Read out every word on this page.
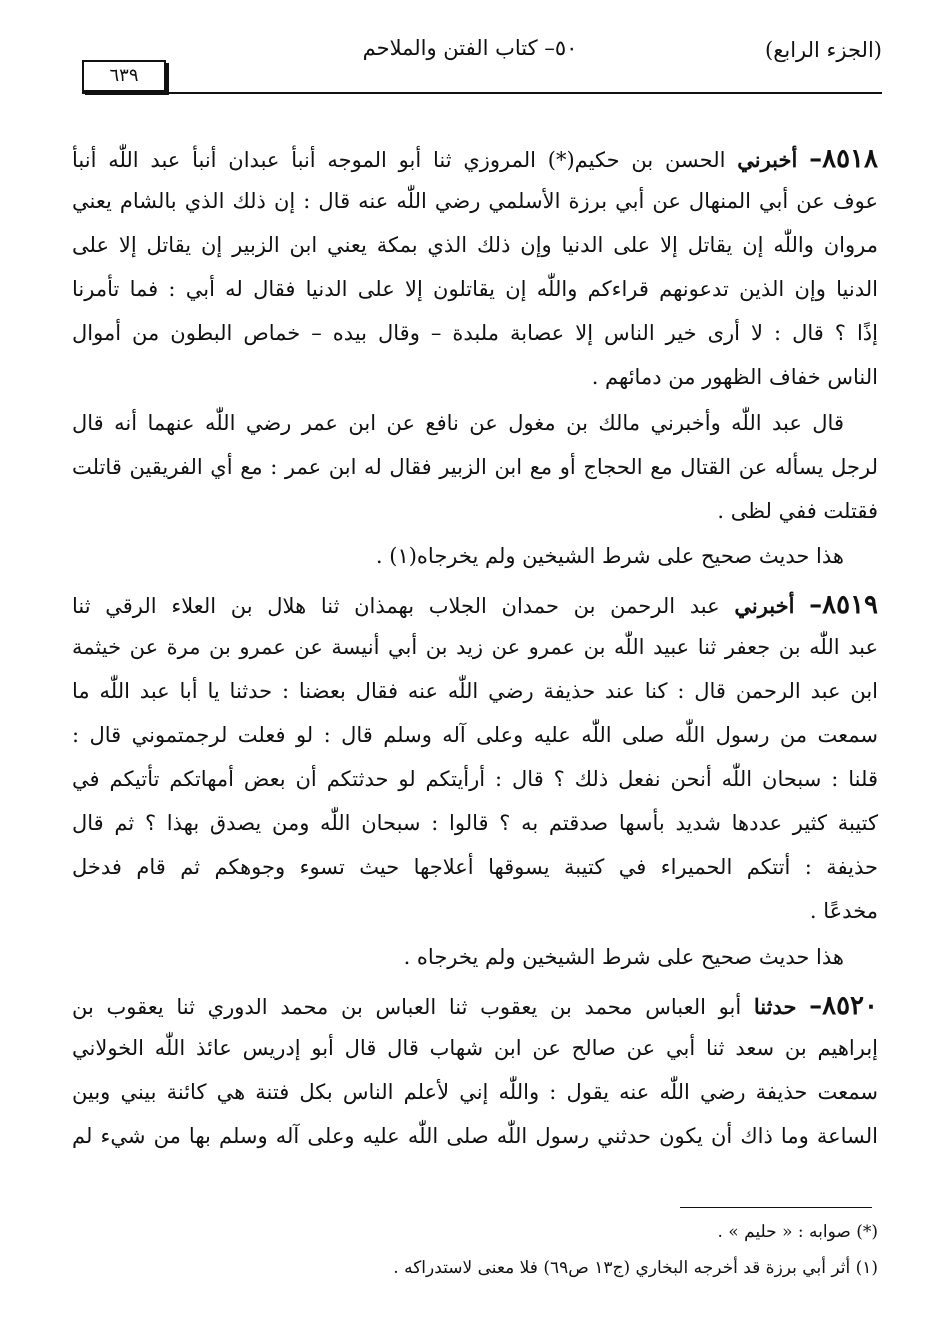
(الجزء الرابع)
٥٠– كتاب الفتن والملاحم
٦٣٩
٨٥١٨– أخبرني الحسن بن حكيم(*) المروزي ثنا أبو الموجه أنبأ عبدان أنبأ عبد اللّٰه أنبأ
عوف عن أبي المنهال عن أبي برزة الأسلمي رضي اللّٰه عنه قال : إن ذلك الذي بالشام يعني
مروان واللّٰه إن يقاتل إلا على الدنيا وإن ذلك الذي بمكة يعني ابن الزبير إن يقاتل إلا على
الدنيا وإن الذين تدعونهم قراءكم واللّٰه إن يقاتلون إلا على الدنيا فقال له أبي : فما تأمرنا
إذًا ؟ قال : لا أرى خير الناس إلا عصابة ملبدة – وقال بيده – خماص البطون من أموال
الناس خفاف الظهور من دمائهم .
قال عبد اللّٰه وأخبرني مالك بن مغول عن نافع عن ابن عمر رضي اللّٰه عنهما أنه قال
لرجل يسأله عن القتال مع الحجاج أو مع ابن الزبير فقال له ابن عمر : مع أي الفريقين قاتلت
فقتلت ففي لظى .
هذا حديث صحيح على شرط الشيخين ولم يخرجاه(١) .
٨٥١٩– أخبرني عبد الرحمن بن حمدان الجلاب بهمذان ثنا هلال بن العلاء الرقي ثنا
عبد اللّٰه بن جعفر ثنا عبيد اللّٰه بن عمرو عن زيد بن أبي أنيسة عن عمرو بن مرة عن خيثمة
ابن عبد الرحمن قال : كنا عند حذيفة رضي اللّٰه عنه فقال بعضنا : حدثنا يا أبا عبد اللّٰه ما
سمعت من رسول اللّٰه صلى اللّٰه عليه وعلى آله وسلم قال : لو فعلت لرجمتموني قال :
قلنا : سبحان اللّٰه أنحن نفعل ذلك ؟ قال : أرأيتكم لو حدثتكم أن بعض أمهاتكم تأتيكم في
كتيبة كثير عددها شديد بأسها صدقتم به ؟ قالوا : سبحان اللّٰه ومن يصدق بهذا ؟ ثم قال
حذيفة : أتتكم الحميراء في كتيبة يسوقها أعلاجها حيث تسوء وجوهكم ثم قام فدخل
مخدعًا .
هذا حديث صحيح على شرط الشيخين ولم يخرجاه .
٨٥٢٠– حدثنا أبو العباس محمد بن يعقوب ثنا العباس بن محمد الدوري ثنا يعقوب بن
إبراهيم بن سعد ثنا أبي عن صالح عن ابن شهاب قال قال أبو إدريس عائذ اللّٰه الخولاني
سمعت حذيفة رضي اللّٰه عنه يقول : واللّٰه إني لأعلم الناس بكل فتنة هي كائنة بيني وبين
الساعة وما ذاك أن يكون حدثني رسول اللّٰه صلى اللّٰه عليه وعلى آله وسلم بها من شيء لم
(*) صوابه : « حليم » .
(١) أثر أبي برزة قد أخرجه البخاري (ج١٣ ص٦٩) فلا معنى لاستدراكه .
